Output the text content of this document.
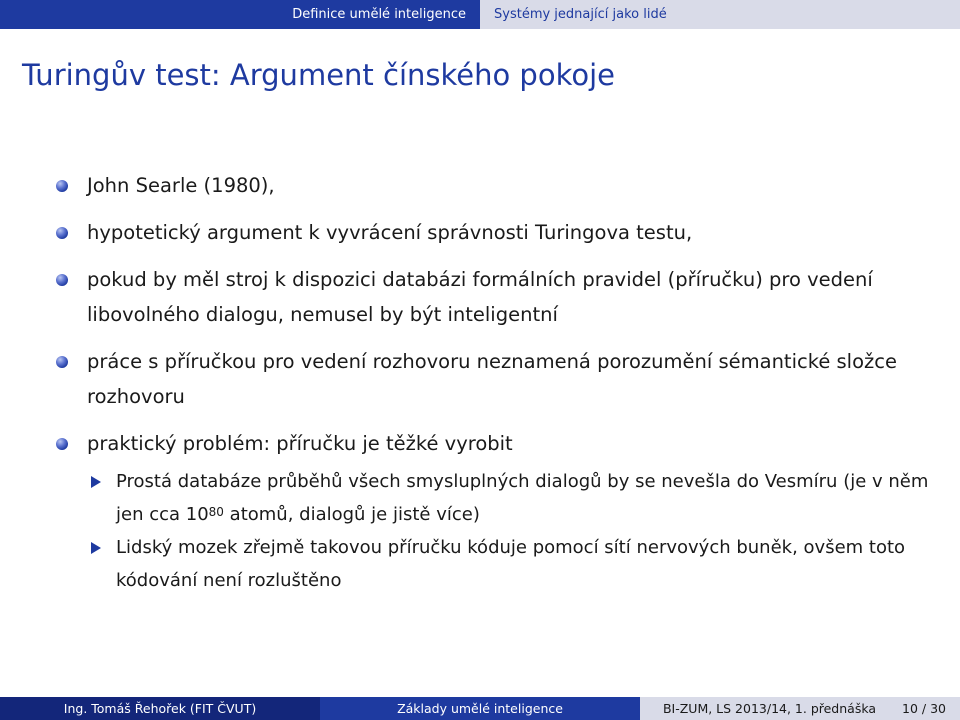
Definice umělé inteligence	Systémy jednající jako lidé
Turingův test: Argument čínského pokoje
John Searle (1980),
hypotetický argument k vyvrácení správnosti Turingova testu,
pokud by měl stroj k dispozici databázi formálních pravidel (příručku) pro vedení libovolného dialogu, nemusel by být inteligentní
práce s příručkou pro vedení rozhovoru neznamená porozumění sémantické složce rozhovoru
praktický problém: příručku je těžké vyrobit
Prostá databáze průběhů všech smysluplných dialogů by se nevešla do Vesmíru (je v něm jen cca $10^{80}$ atomů, dialogů je jistě více)
Lidský mozek zřejmě takovou příručku kóduje pomocí sítí nervových buněk, ovšem toto kódování není rozluštěno
Ing. Tomáš Řehořek (FIT ČVUT)	Základy umělé inteligence	BI-ZUM, LS 2013/14, 1. přednáška 10 / 30
